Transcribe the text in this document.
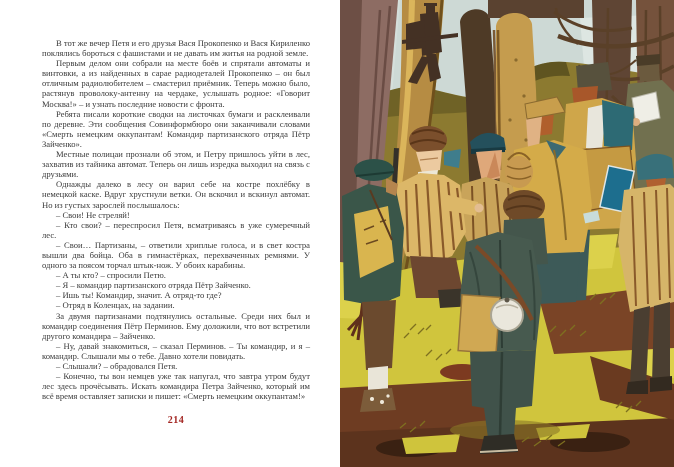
В тот же вечер Петя и его друзья Вася Прокопенко и Вася Кириленко поклялись бороться с фашистами и не давать им житья на родной земле.

Первым делом они собрали на месте боёв и спрятали автоматы и винтовки, а из найденных в сарае радиодеталей Прокопенко – он был отличным радиолюбителем – смастерил приёмник. Теперь можно было, растянув проволоку-антенну на чердаке, услышать родное: «Говорит Москва!» – и узнать последние новости с фронта.

Ребята писали короткие сводки на листочках бумаги и расклеивали по деревне. Эти сообщения Совинформбюро они заканчивали словами «Смерть немецким оккупантам! Командир партизанского отряда Пётр Зайченко».

Местные полицаи прознали об этом, и Петру пришлось уйти в лес, захватив из тайника автомат. Теперь он лишь изредка выходил на связь с друзьями.

Однажды далеко в лесу он варил себе на костре похлёбку в немецкой каске. Вдруг хрустнули ветки. Он вскочил и вскинул автомат. Но из густых зарослей послышалось:

– Свои! Не стреляй!

– Кто свои? – переспросил Петя, всматриваясь в уже сумеречный лес.

– Свои… Партизаны, – ответили хриплые голоса, и в свет костра вышли два бойца. Оба в гимнастёрках, перехваченных ремнями. У одного за поясом торчал штык-нож. У обоих карабины.

– А ты кто? – спросили Петю.

– Я – командир партизанского отряда Пётр Зайченко.

– Ишь ты! Командир, значит. А отряд-то где?

– Отряд в Коленцах, на задании.

За двумя партизанами подтянулись остальные. Среди них был и командир соединения Пётр Перминов. Ему доложили, что вот встретили другого командира – Зайченко.

– Ну, давай знакомиться, – сказал Перминов. – Ты командир, и я – командир. Слышали мы о тебе. Давно хотели повидать.

– Слышали? – обрадовался Петя.

– Конечно, ты вон немцев уже так напугал, что завтра утром будут лес здесь прочёсывать. Искать командира Петра Зайченко, который им всё время оставляет записки и пишет: «Смерть немецким оккупантам!»

214
